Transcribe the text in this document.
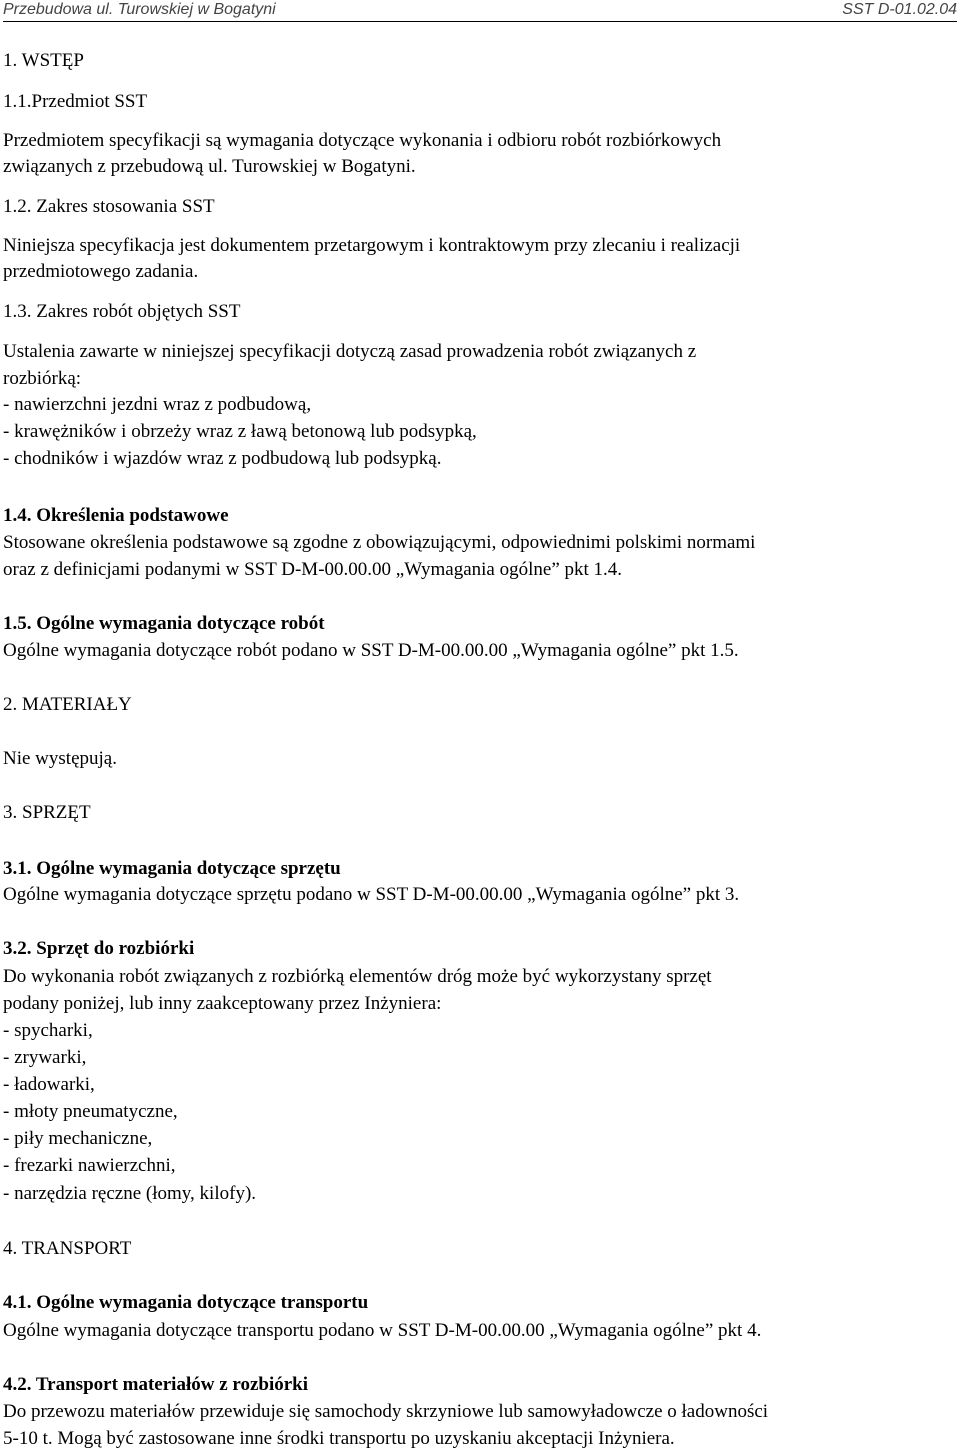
Przebudowa ul. Turowskiej w Bogatyni	SST D-01.02.04
1. WSTĘP
1.1.Przedmiot SST
Przedmiotem specyfikacji są wymagania dotyczące wykonania i odbioru robót rozbiórkowych
związanych z przebudową ul. Turowskiej w Bogatyni.
1.2. Zakres stosowania SST
Niniejsza specyfikacja jest dokumentem przetargowym i kontraktowym przy zlecaniu i realizacji
przedmiotowego zadania.
1.3. Zakres robót objętych SST
Ustalenia zawarte w niniejszej specyfikacji dotyczą zasad prowadzenia robót związanych z
rozbiórką:
- nawierzchni jezdni wraz z podbudową,
- krawężników i obrzeży wraz z ławą betonową lub podsypką,
- chodników i wjazdów wraz z podbudową lub podsypką.
1.4. Określenia podstawowe
Stosowane określenia podstawowe są zgodne z obowiązującymi, odpowiednimi polskimi normami
oraz z definicjami podanymi w SST D-M-00.00.00 „Wymagania ogólne” pkt 1.4.
1.5. Ogólne wymagania dotyczące robót
Ogólne wymagania dotyczące robót podano w SST D-M-00.00.00 „Wymagania ogólne” pkt 1.5.
2. MATERIAŁY
Nie występują.
3. SPRZĘT
3.1. Ogólne wymagania dotyczące sprzętu
Ogólne wymagania dotyczące sprzętu podano w SST D-M-00.00.00 „Wymagania ogólne” pkt 3.
3.2. Sprzęt do rozbiórki
Do wykonania robót związanych z rozbiórką elementów dróg może być wykorzystany sprzęt
podany poniżej, lub inny zaakceptowany przez Inżyniera:
- spycharki,
- zrywarki,
- ładowarki,
- młoty pneumatyczne,
- piły mechaniczne,
- frezarki nawierzchni,
- narzędzia ręczne (łomy, kilofy).
4. TRANSPORT
4.1. Ogólne wymagania dotyczące transportu
Ogólne wymagania dotyczące transportu podano w SST D-M-00.00.00 „Wymagania ogólne” pkt 4.
4.2. Transport materiałów z rozbiórki
Do przewozu materiałów przewiduje się samochody skrzyniowe lub samowyładowcze o ładowności
5-10 t. Mogą być zastosowane inne środki transportu po uzyskaniu akceptacji Inżyniera.
